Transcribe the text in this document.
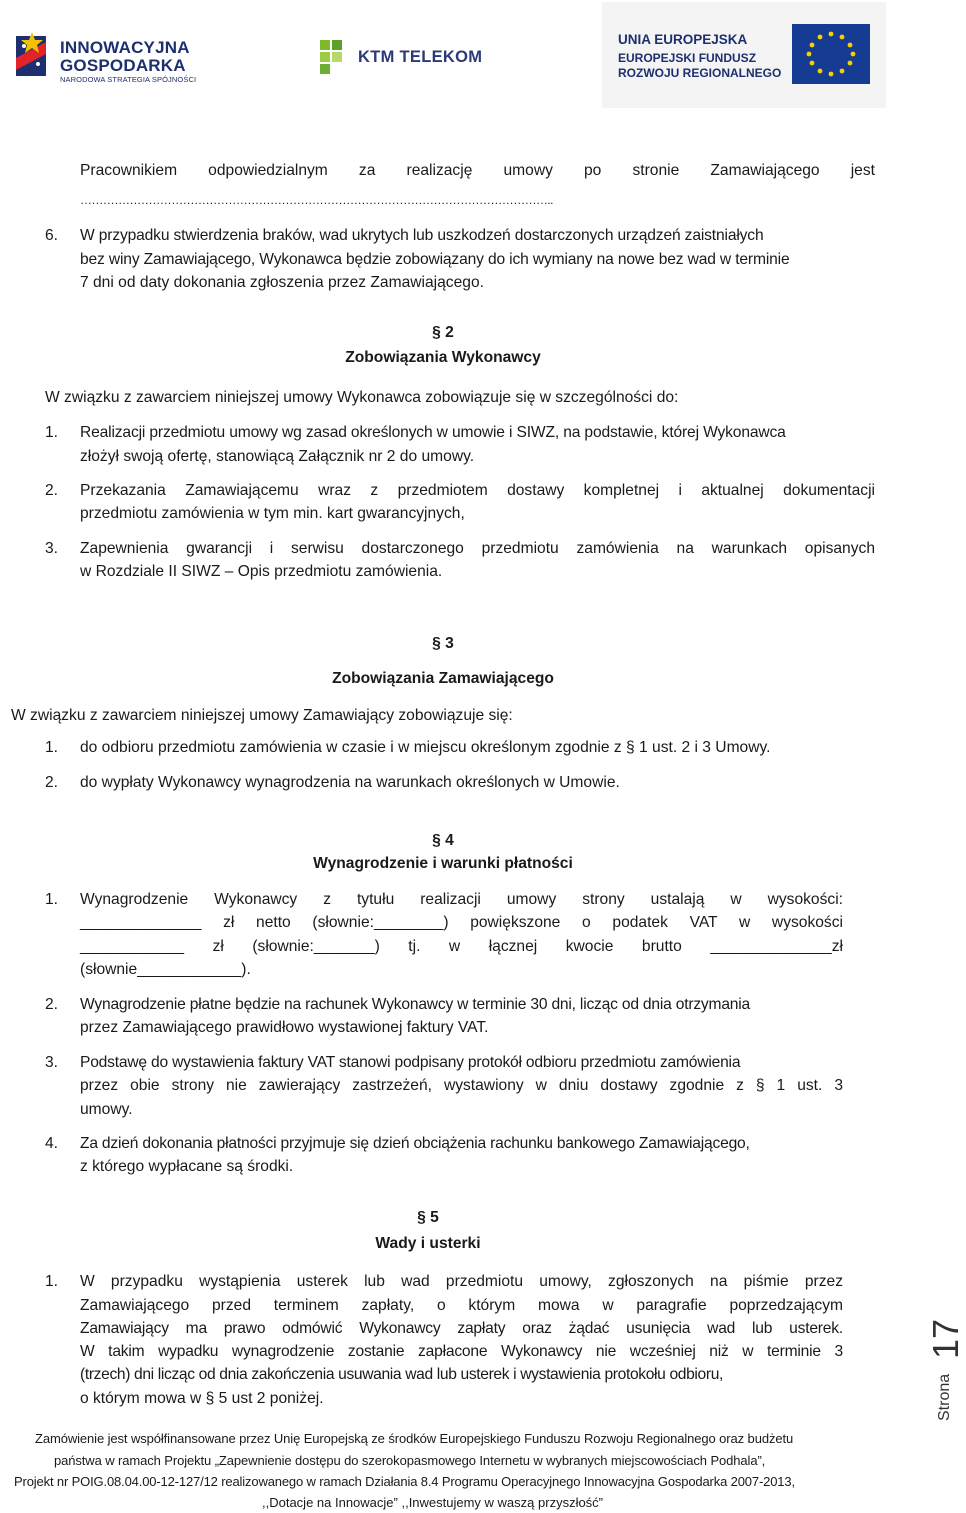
INNOWACYJNA
GOSPODARKA
NARODOWA STRATEGIA SPÓJNOŚCI
KTM TELEKOM
UNIA EUROPEJSKA
EUROPEJSKI FUNDUSZ
ROZWOJU REGIONALNEGO
Pracownikiem odpowiedzialnym za realizację umowy po stronie Zamawiającego jest
……………………………………………………………………………………………………………..
6. W przypadku stwierdzenia braków, wad ukrytych lub uszkodzeń dostarczonych urządzeń zaistniałych
bez winy Zamawiającego, Wykonawca będzie zobowiązany do ich wymiany na nowe bez wad w terminie
7 dni od daty dokonania zgłoszenia przez Zamawiającego.
§ 2
Zobowiązania Wykonawcy
W związku z zawarciem niniejszej umowy Wykonawca zobowiązuje się w szczególności do:
1. Realizacji przedmiotu umowy wg zasad określonych w umowie i SIWZ, na podstawie, której Wykonawca
złożył swoją ofertę, stanowiącą Załącznik nr 2 do umowy.
2. Przekazania Zamawiającemu wraz z przedmiotem dostawy kompletnej i aktualnej dokumentacji
przedmiotu zamówienia w tym min. kart gwarancyjnych,
3. Zapewnienia gwarancji i serwisu dostarczonego przedmiotu zamówienia na warunkach opisanych
w Rozdziale II SIWZ – Opis przedmiotu zamówienia.
§ 3
Zobowiązania Zamawiającego
W związku z zawarciem niniejszej umowy Zamawiający zobowiązuje się:
1. do odbioru przedmiotu zamówienia w czasie i w miejscu określonym zgodnie z § 1 ust. 2 i 3 Umowy.
2. do wypłaty Wykonawcy wynagrodzenia na warunkach określonych w Umowie.
§ 4
Wynagrodzenie i warunki płatności
1. Wynagrodzenie Wykonawcy z tytułu realizacji umowy strony ustalają w wysokości:
______________ zł netto (słownie:________) powiększone o podatek VAT w wysokości
____________ zł (słownie:_______) tj. w łącznej kwocie brutto ______________zł
(słownie____________).
2. Wynagrodzenie płatne będzie na rachunek Wykonawcy w terminie 30 dni, licząc od dnia otrzymania
przez Zamawiającego prawidłowo wystawionej faktury VAT.
3. Podstawę do wystawienia faktury VAT stanowi podpisany protokół odbioru przedmiotu zamówienia
przez obie strony nie zawierający zastrzeżeń, wystawiony w dniu dostawy zgodnie z § 1 ust. 3
umowy.
4. Za dzień dokonania płatności przyjmuje się dzień obciążenia rachunku bankowego Zamawiającego,
z którego wypłacane są środki.
§ 5
Wady i usterki
1. W przypadku wystąpienia usterek lub wad przedmiotu umowy, zgłoszonych na piśmie przez
Zamawiającego przed terminem zapłaty, o którym mowa w paragrafie poprzedzającym
Zamawiający ma prawo odmówić Wykonawcy zapłaty oraz żądać usunięcia wad lub usterek.
W takim wypadku wynagrodzenie zostanie zapłacone Wykonawcy nie wcześniej niż w terminie 3
(trzech) dni licząc od dnia zakończenia usuwania wad lub usterek i wystawienia protokołu odbioru,
o którym mowa w § 5 ust 2 poniżej.	Strona
17
Zamówienie jest współfinansowane przez Unię Europejską ze środków Europejskiego Funduszu Rozwoju Regionalnego oraz budżetu
państwa w ramach Projektu „Zapewnienie dostępu do szerokopasmowego Internetu w wybranych miejscowościach Podhala”,
Projekt nr POIG.08.04.00-12-127/12 realizowanego w ramach Działania 8.4 Programu Operacyjnego Innowacyjna Gospodarka 2007-2013,
,,Dotacje na Innowacje” ,,Inwestujemy w waszą przyszłość”
